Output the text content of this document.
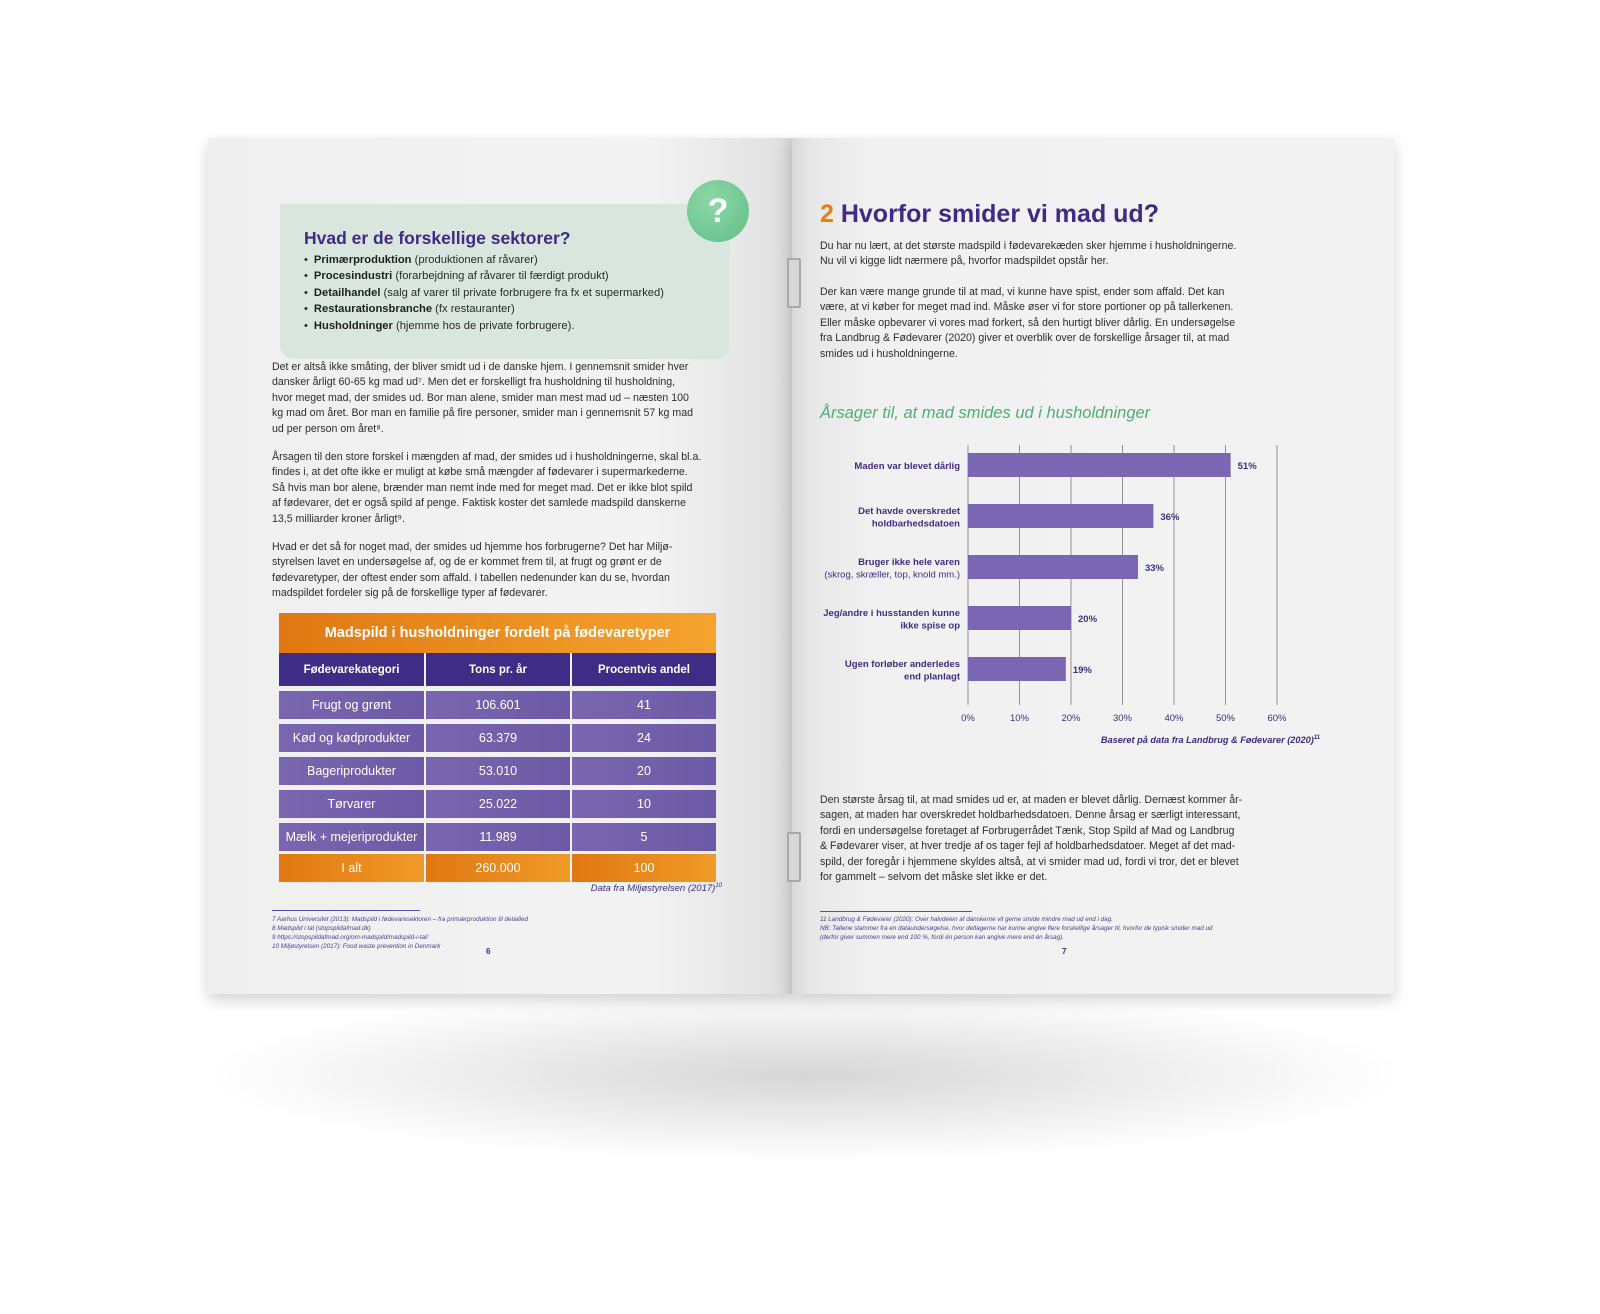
?
Hvad er de forskellige sektorer?
• Primærproduktion (produktionen af råvarer)
• Procesindustri (forarbejdning af råvarer til færdigt produkt)
• Detailhandel (salg af varer til private forbrugere fra fx et supermarked)
• Restaurationsbranche (fx restauranter)
• Husholdninger (hjemme hos de private forbrugere).
Det er altså ikke småting, der bliver smidt ud i de danske hjem. I gennemsnit smider hver
dansker årligt 60-65 kg mad ud⁷. Men det er forskelligt fra husholdning til husholdning,
hvor meget mad, der smides ud. Bor man alene, smider man mest mad ud – næsten 100
kg mad om året. Bor man en familie på fire personer, smider man i gennemsnit 57 kg mad
ud per person om året⁸.
Årsagen til den store forskel i mængden af mad, der smides ud i husholdningerne, skal bl.a.
findes i, at det ofte ikke er muligt at købe små mængder af fødevarer i supermarkederne.
Så hvis man bor alene, brænder man nemt inde med for meget mad. Det er ikke blot spild
af fødevarer, det er også spild af penge. Faktisk koster det samlede madspild danskerne
13,5 milliarder kroner årligt⁹.
Hvad er det så for noget mad, der smides ud hjemme hos forbrugerne? Det har Miljø-
styrelsen lavet en undersøgelse af, og de er kommet frem til, at frugt og grønt er de
fødevaretyper, der oftest ender som affald. I tabellen nedenunder kan du se, hvordan
madspildet fordeler sig på de forskellige typer af fødevarer.
Madspild i husholdninger fordelt på fødevaretyper
Fødevarekategori	Tons pr. år	Procentvis andel
Frugt og grønt	106.601	41
Kød og kødprodukter	63.379	24
Bageriprodukter	53.010	20
Tørvarer	25.022	10
Mælk + mejeriprodukter	11.989	5
I alt	260.000	100
Data fra Miljøstyrelsen $(2017)^{10}$
7 Aarhus Universitet (2013): Madspild i fødevaresektoren – fra primærproduktion til detailled
8 Madspild i tal (stopspildafmad.dk)
9 https://stopspildafmad.org/om-madspild/madspild-i-tal/
10 Miljøstyrelsen (2017): Food waste prevention in Denmark
6
2 Hvorfor smider vi mad ud?
Du har nu lært, at det største madspild i fødevarekæden sker hjemme i husholdningerne.
Nu vil vi kigge lidt nærmere på, hvorfor madspildet opstår her.
Der kan være mange grunde til at mad, vi kunne have spist, ender som affald. Det kan
være, at vi køber for meget mad ind. Måske øser vi for store portioner op på tallerkenen.
Eller måske opbevarer vi vores mad forkert, så den hurtigt bliver dårlig. En undersøgelse
fra Landbrug & Fødevarer (2020) giver et overblik over de forskellige årsager til, at mad
smides ud i husholdningerne.
Årsager til, at mad smides ud i husholdninger
0%	10%	20%	30%	40%	50%	60%
51%
Maden var blevet dårlig
36%
Det havde overskredet
holdbarhedsdatoen
33%
Bruger ikke hele varen
(skrog, skræller, top, knold mm.)
20%
Jeg/andre i husstanden kunne
ikke spise op
19%
Ugen forløber anderledes
end planlagt
Baseret på data fra Landbrug & Fødevarer $(2020)^{11}$
Den største årsag til, at mad smides ud er, at maden er blevet dårlig. Dernæst kommer år-
sagen, at maden har overskredet holdbarhedsdatoen. Denne årsag er særligt interessant,
fordi en undersøgelse foretaget af Forbrugerrådet Tænk, Stop Spild af Mad og Landbrug
& Fødevarer viser, at hver tredje af os tager fejl af holdbarhedsdatoer. Meget af det mad-
spild, der foregår i hjemmene skyldes altså, at vi smider mad ud, fordi vi tror, det er blevet
for gammelt – selvom det måske slet ikke er det.
11 Landbrug & Fødevarer (2020): Over halvdelen af danskerne vil gerne smide mindre mad ud end i dag.
NB: Tallene stammer fra en dataundersøgelse, hvor deltagerne har kunne angive flere forskellige årsager til, hvorfor de typisk smider mad ud
(derfor giver summen mere end 100 %, fordi én person kan angive mere end én årsag).
7
